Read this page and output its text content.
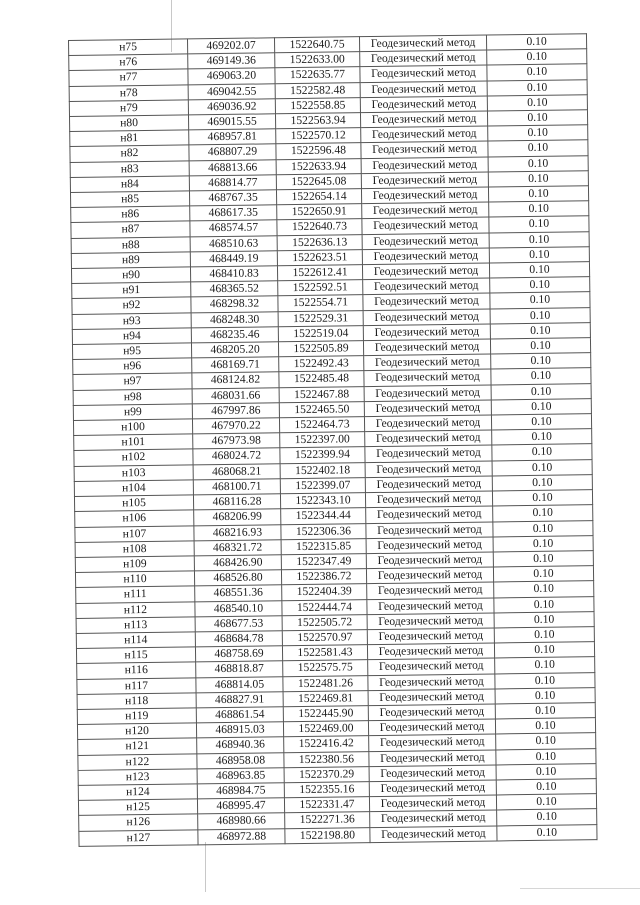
н75	469202.07	1522640.75	Геодезический метод	0.10
н76	469149.36	1522633.00	Геодезический метод	0.10
н77	469063.20	1522635.77	Геодезический метод	0.10
н78	469042.55	1522582.48	Геодезический метод	0.10
н79	469036.92	1522558.85	Геодезический метод	0.10
н80	469015.55	1522563.94	Геодезический метод	0.10
н81	468957.81	1522570.12	Геодезический метод	0.10
н82	468807.29	1522596.48	Геодезический метод	0.10
н83	468813.66	1522633.94	Геодезический метод	0.10
н84	468814.77	1522645.08	Геодезический метод	0.10
н85	468767.35	1522654.14	Геодезический метод	0.10
н86	468617.35	1522650.91	Геодезический метод	0.10
н87	468574.57	1522640.73	Геодезический метод	0.10
н88	468510.63	1522636.13	Геодезический метод	0.10
н89	468449.19	1522623.51	Геодезический метод	0.10
н90	468410.83	1522612.41	Геодезический метод	0.10
н91	468365.52	1522592.51	Геодезический метод	0.10
н92	468298.32	1522554.71	Геодезический метод	0.10
н93	468248.30	1522529.31	Геодезический метод	0.10
н94	468235.46	1522519.04	Геодезический метод	0.10
н95	468205.20	1522505.89	Геодезический метод	0.10
н96	468169.71	1522492.43	Геодезический метод	0.10
н97	468124.82	1522485.48	Геодезический метод	0.10
н98	468031.66	1522467.88	Геодезический метод	0.10
н99	467997.86	1522465.50	Геодезический метод	0.10
н100	467970.22	1522464.73	Геодезический метод	0.10
н101	467973.98	1522397.00	Геодезический метод	0.10
н102	468024.72	1522399.94	Геодезический метод	0.10
н103	468068.21	1522402.18	Геодезический метод	0.10
н104	468100.71	1522399.07	Геодезический метод	0.10
н105	468116.28	1522343.10	Геодезический метод	0.10
н106	468206.99	1522344.44	Геодезический метод	0.10
н107	468216.93	1522306.36	Геодезический метод	0.10
н108	468321.72	1522315.85	Геодезический метод	0.10
н109	468426.90	1522347.49	Геодезический метод	0.10
н110	468526.80	1522386.72	Геодезический метод	0.10
н111	468551.36	1522404.39	Геодезический метод	0.10
н112	468540.10	1522444.74	Геодезический метод	0.10
н113	468677.53	1522505.72	Геодезический метод	0.10
н114	468684.78	1522570.97	Геодезический метод	0.10
н115	468758.69	1522581.43	Геодезический метод	0.10
н116	468818.87	1522575.75	Геодезический метод	0.10
н117	468814.05	1522481.26	Геодезический метод	0.10
н118	468827.91	1522469.81	Геодезический метод	0.10
н119	468861.54	1522445.90	Геодезический метод	0.10
н120	468915.03	1522469.00	Геодезический метод	0.10
н121	468940.36	1522416.42	Геодезический метод	0.10
н122	468958.08	1522380.56	Геодезический метод	0.10
н123	468963.85	1522370.29	Геодезический метод	0.10
н124	468984.75	1522355.16	Геодезический метод	0.10
н125	468995.47	1522331.47	Геодезический метод	0.10
н126	468980.66	1522271.36	Геодезический метод	0.10
н127	468972.88	1522198.80	Геодезический метод	0.10
